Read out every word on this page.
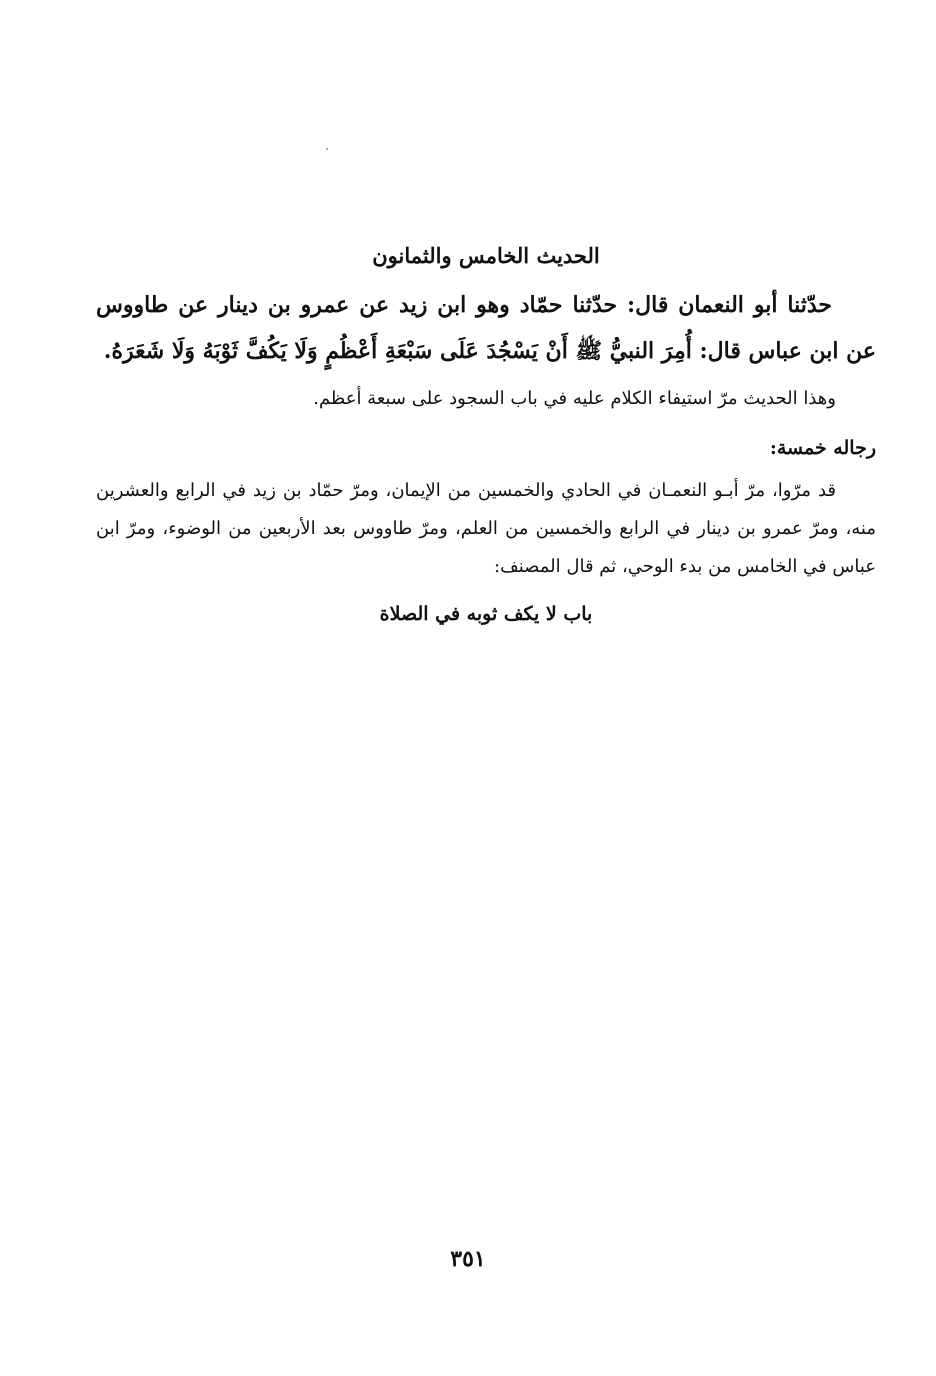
الحديث الخامس والثمانون

حدّثنا أبو النعمان قال: حدّثنا حمّاد وهو ابن زيد عن عمرو بن دينار عن طاووس عن ابن عباس قال: أُمِرَ النبيُّ ﷺ أَنْ يَسْجُدَ عَلَى سَبْعَةِ أَعْظُمٍ وَلَا يَكُفَّ ثَوْبَهُ وَلَا شَعَرَهُ.

وهذا الحديث مرّ استيفاء الكلام عليه في باب السجود على سبعة أعظم.

رجاله خمسة:

قد مرّوا، مرّ أبـو النعمـان في الحادي والخمسين من الإيمان، ومرّ حمّاد بن زيد في الرابع والعشرين منه، ومرّ عمرو بن دينار في الرابع والخمسين من العلم، ومرّ طاووس بعد الأربعين من الوضوء، ومرّ ابن عباس في الخامس من بدء الوحي، ثم قال المصنف:

باب لا يكف ثوبه في الصلاة
٣٥١
